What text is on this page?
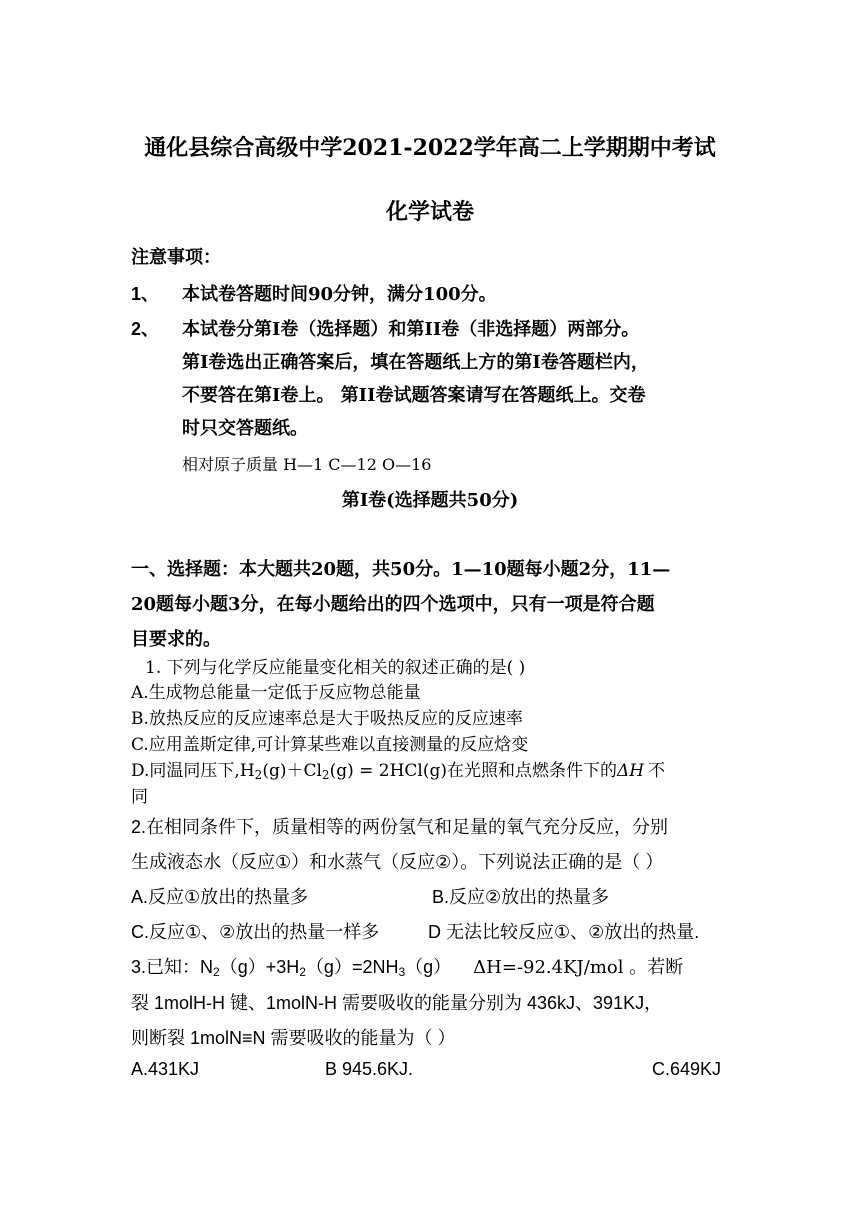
通化县综合高级中学2021-2022学年高二上学期期中考试
化学试卷
注意事项：
1、 本试卷答题时间90分钟，满分100分。
2、 本试卷分第Ⅰ卷（选择题）和第II卷（非选择题）两部分。
第Ⅰ卷选出正确答案后，填在答题纸上方的第Ⅰ卷答题栏内，
不要答在第Ⅰ卷上。 第II卷试题答案请写在答题纸上。交卷
时只交答题纸。
相对原子质量 H—1 C—12 O—16
第Ⅰ卷(选择题共50分)
一、选择题：本大题共20题，共50分。1—10题每小题2分，11—
20题每小题3分，在每小题给出的四个选项中，只有一项是符合题
目要求的。
1. 下列与化学反应能量变化相关的叙述正确的是( )
A.生成物总能量一定低于反应物总能量
B.放热反应的反应速率总是大于吸热反应的反应速率
C.应用盖斯定律,可计算某些难以直接测量的反应焓变
D.同温同压下$,H_2(g)+Cl_2(g) = 2HCl(g)$在光照和点燃条件下的ΔH 不
同
2.在相同条件下，质量相等的两份氢气和足量的氧气充分反应，分别
生成液态水（反应①）和水蒸气（反应②）。下列说法正确的是（ ）
A.反应①放出的热量多	B.反应②放出的热量多
C.反应①、②放出的热量一样多	D 无法比较反应①、②放出的热量.
3.已知：$N_2(g)+3H_2(g)=2NH_3(g)$ ΔH=-92.4KJ/mol 。若断
裂 1molH-H 键、1molN-H 需要吸收的能量分别为 436kJ、391KJ，
则断裂 1molN≡N 需要吸收的能量为（ ）
A.431KJ	B 945.6KJ.	C.649KJ
